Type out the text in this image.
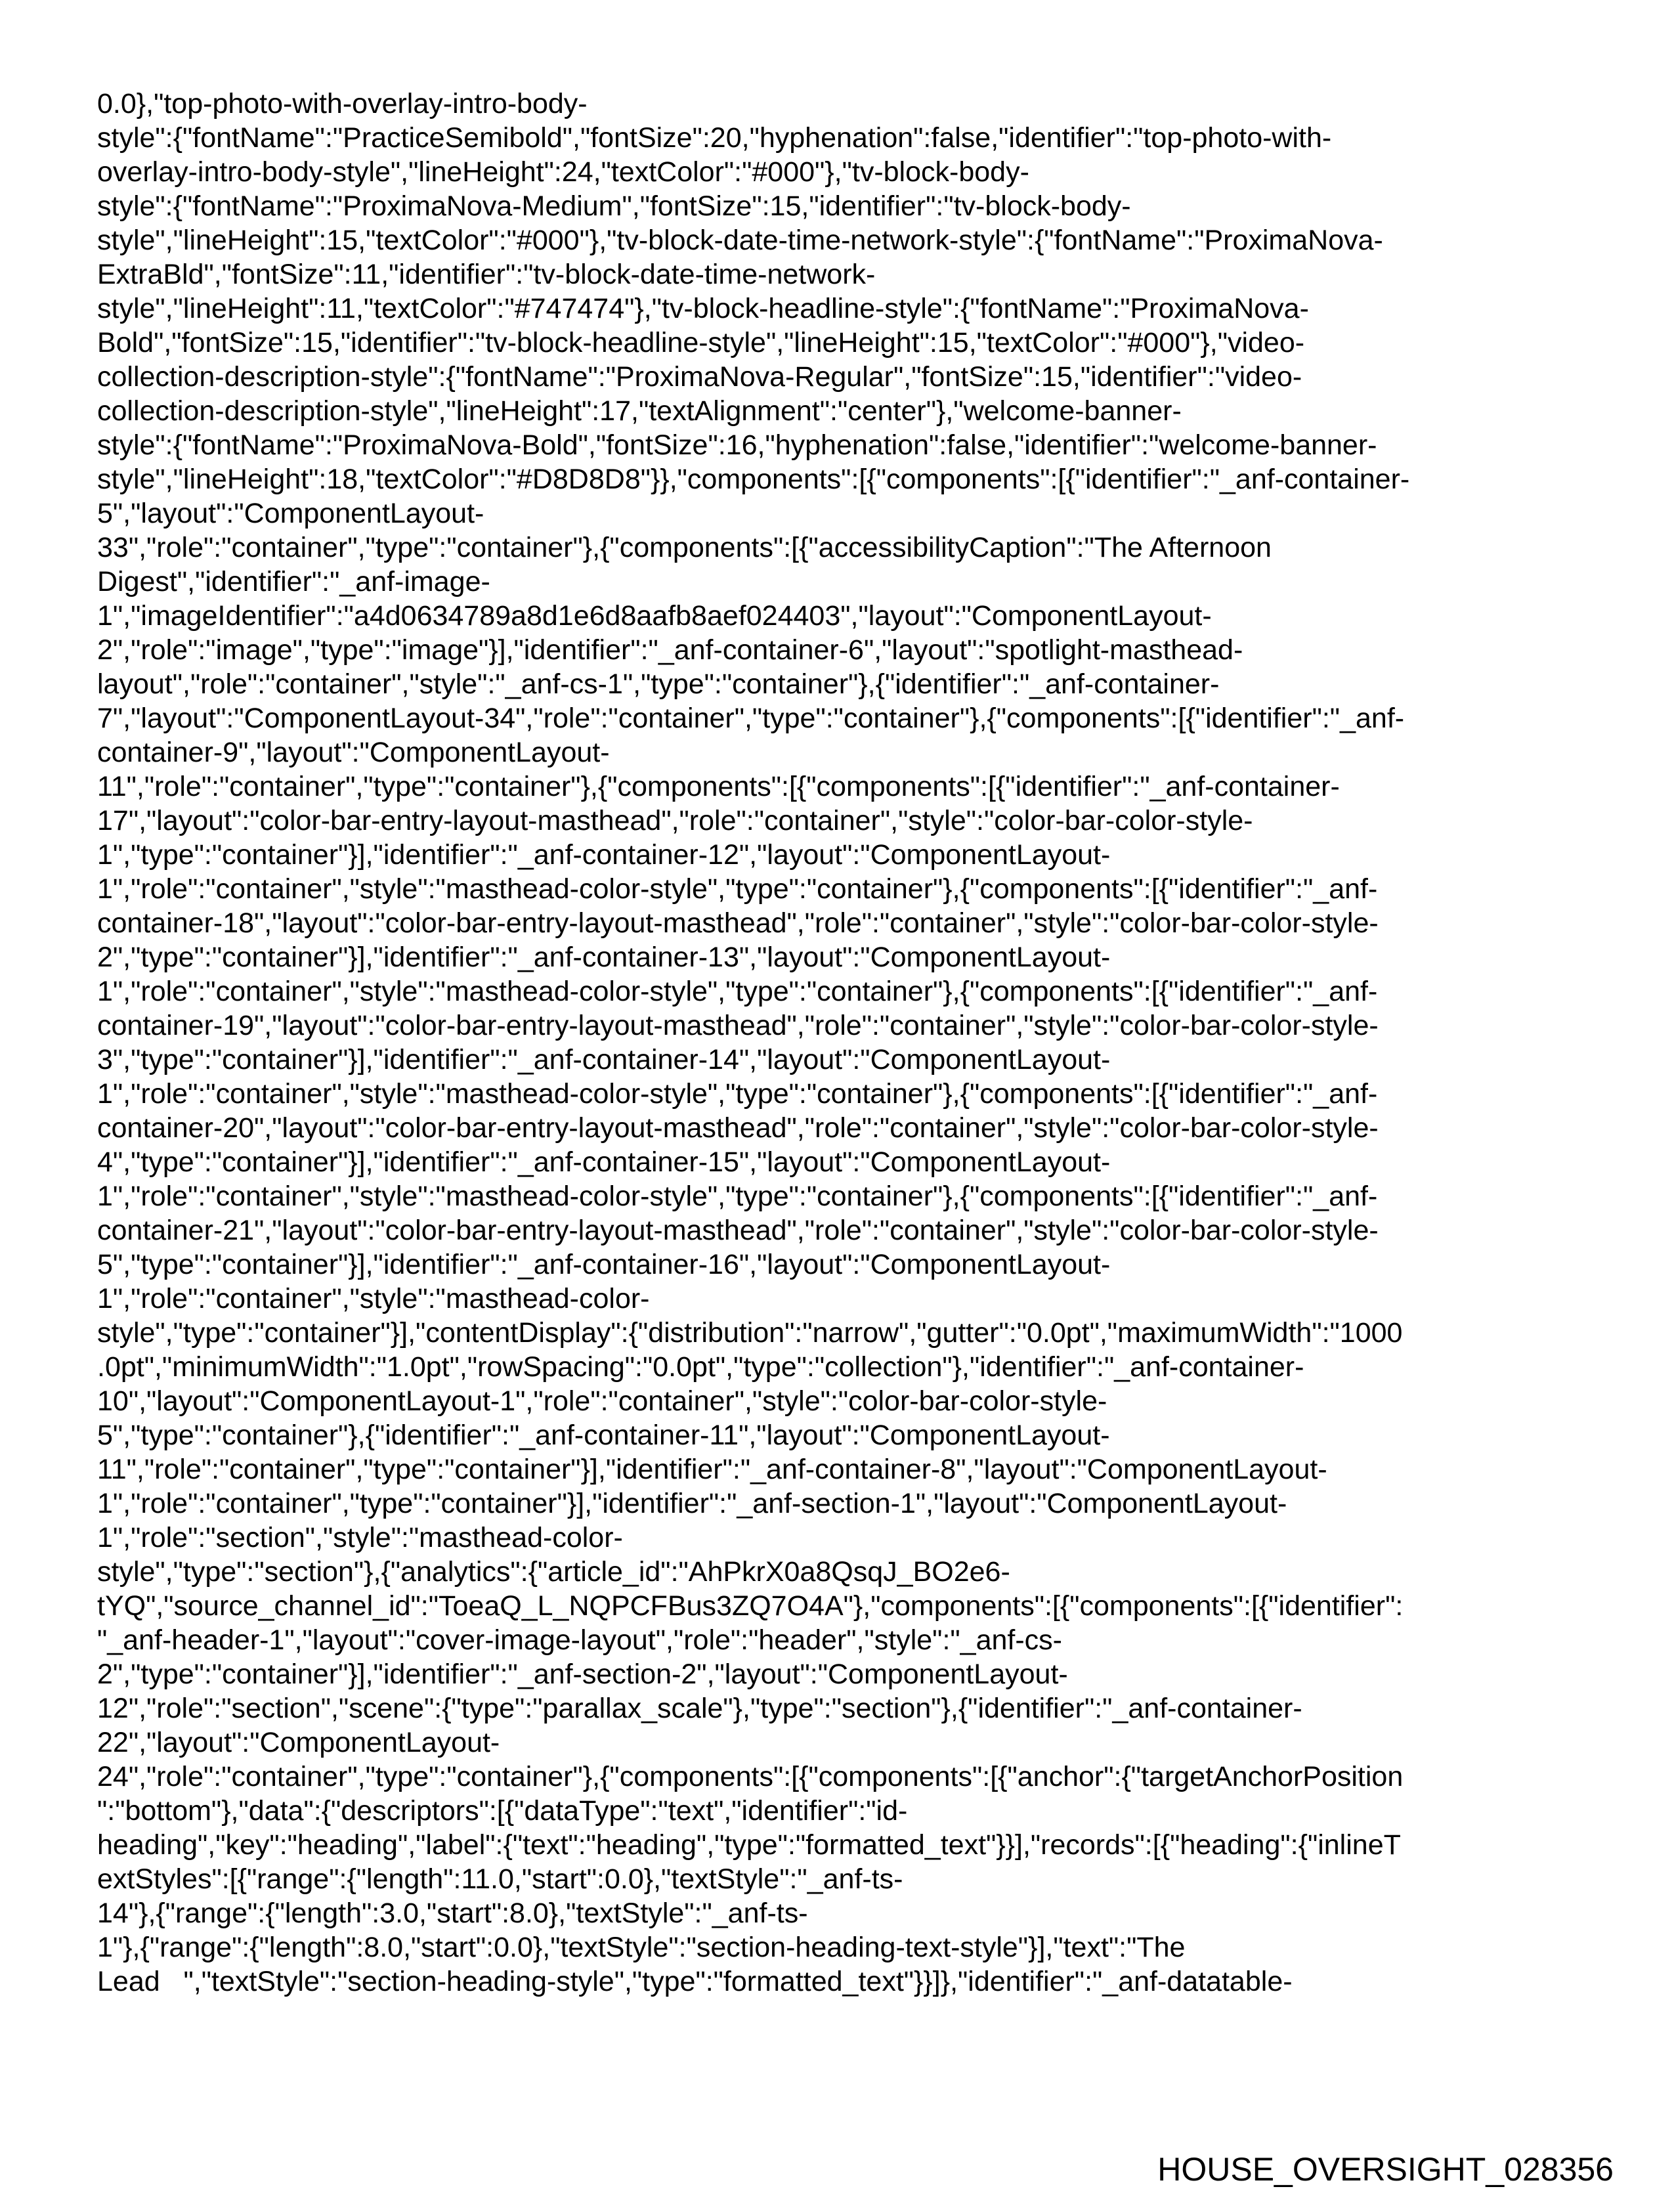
0.0},"top-photo-with-overlay-intro-body-
style":{"fontName":"PracticeSemibold","fontSize":20,"hyphenation":false,"identifier":"top-photo-with-
overlay-intro-body-style","lineHeight":24,"textColor":"#000"},"tv-block-body-
style":{"fontName":"ProximaNova-Medium","fontSize":15,"identifier":"tv-block-body-
style","lineHeight":15,"textColor":"#000"},"tv-block-date-time-network-style":{"fontName":"ProximaNova-
ExtraBld","fontSize":11,"identifier":"tv-block-date-time-network-
style","lineHeight":11,"textColor":"#747474"},"tv-block-headline-style":{"fontName":"ProximaNova-
Bold","fontSize":15,"identifier":"tv-block-headline-style","lineHeight":15,"textColor":"#000"},"video-
collection-description-style":{"fontName":"ProximaNova-Regular","fontSize":15,"identifier":"video-
collection-description-style","lineHeight":17,"textAlignment":"center"},"welcome-banner-
style":{"fontName":"ProximaNova-Bold","fontSize":16,"hyphenation":false,"identifier":"welcome-banner-
style","lineHeight":18,"textColor":"#D8D8D8"}},"components":[{"components":[{"identifier":"_anf-container-
5","layout":"ComponentLayout-
33","role":"container","type":"container"},{"components":[{"accessibilityCaption":"The Afternoon
Digest","identifier":"_anf-image-
1","imageIdentifier":"a4d0634789a8d1e6d8aafb8aef024403","layout":"ComponentLayout-
2","role":"image","type":"image"}],"identifier":"_anf-container-6","layout":"spotlight-masthead-
layout","role":"container","style":"_anf-cs-1","type":"container"},{"identifier":"_anf-container-
7","layout":"ComponentLayout-34","role":"container","type":"container"},{"components":[{"identifier":"_anf-
container-9","layout":"ComponentLayout-
11","role":"container","type":"container"},{"components":[{"components":[{"identifier":"_anf-container-
17","layout":"color-bar-entry-layout-masthead","role":"container","style":"color-bar-color-style-
1","type":"container"}],"identifier":"_anf-container-12","layout":"ComponentLayout-
1","role":"container","style":"masthead-color-style","type":"container"},{"components":[{"identifier":"_anf-
container-18","layout":"color-bar-entry-layout-masthead","role":"container","style":"color-bar-color-style-
2","type":"container"}],"identifier":"_anf-container-13","layout":"ComponentLayout-
1","role":"container","style":"masthead-color-style","type":"container"},{"components":[{"identifier":"_anf-
container-19","layout":"color-bar-entry-layout-masthead","role":"container","style":"color-bar-color-style-
3","type":"container"}],"identifier":"_anf-container-14","layout":"ComponentLayout-
1","role":"container","style":"masthead-color-style","type":"container"},{"components":[{"identifier":"_anf-
container-20","layout":"color-bar-entry-layout-masthead","role":"container","style":"color-bar-color-style-
4","type":"container"}],"identifier":"_anf-container-15","layout":"ComponentLayout-
1","role":"container","style":"masthead-color-style","type":"container"},{"components":[{"identifier":"_anf-
container-21","layout":"color-bar-entry-layout-masthead","role":"container","style":"color-bar-color-style-
5","type":"container"}],"identifier":"_anf-container-16","layout":"ComponentLayout-
1","role":"container","style":"masthead-color-
style","type":"container"}],"contentDisplay":{"distribution":"narrow","gutter":"0.0pt","maximumWidth":"1000
.0pt","minimumWidth":"1.0pt","rowSpacing":"0.0pt","type":"collection"},"identifier":"_anf-container-
10","layout":"ComponentLayout-1","role":"container","style":"color-bar-color-style-
5","type":"container"},{"identifier":"_anf-container-11","layout":"ComponentLayout-
11","role":"container","type":"container"}],"identifier":"_anf-container-8","layout":"ComponentLayout-
1","role":"container","type":"container"}],"identifier":"_anf-section-1","layout":"ComponentLayout-
1","role":"section","style":"masthead-color-
style","type":"section"},{"analytics":{"article_id":"AhPkrX0a8QsqJ_BO2e6-
tYQ","source_channel_id":"ToeaQ_L_NQPCFBus3ZQ7O4A"},"components":[{"components":[{"identifier":
"_anf-header-1","layout":"cover-image-layout","role":"header","style":"_anf-cs-
2","type":"container"}],"identifier":"_anf-section-2","layout":"ComponentLayout-
12","role":"section","scene":{"type":"parallax_scale"},"type":"section"},{"identifier":"_anf-container-
22","layout":"ComponentLayout-
24","role":"container","type":"container"},{"components":[{"components":[{"anchor":{"targetAnchorPosition
":"bottom"},"data":{"descriptors":[{"dataType":"text","identifier":"id-
heading","key":"heading","label":{"text":"heading","type":"formatted_text"}}],"records":[{"heading":{"inlineT
extStyles":[{"range":{"length":11.0,"start":0.0},"textStyle":"_anf-ts-
14"},{"range":{"length":3.0,"start":8.0},"textStyle":"_anf-ts-
1"},{"range":{"length":8.0,"start":0.0},"textStyle":"section-heading-text-style"}],"text":"The
Lead   ","textStyle":"section-heading-style","type":"formatted_text"}}]},"identifier":"_anf-datatable-
HOUSE_OVERSIGHT_028356
